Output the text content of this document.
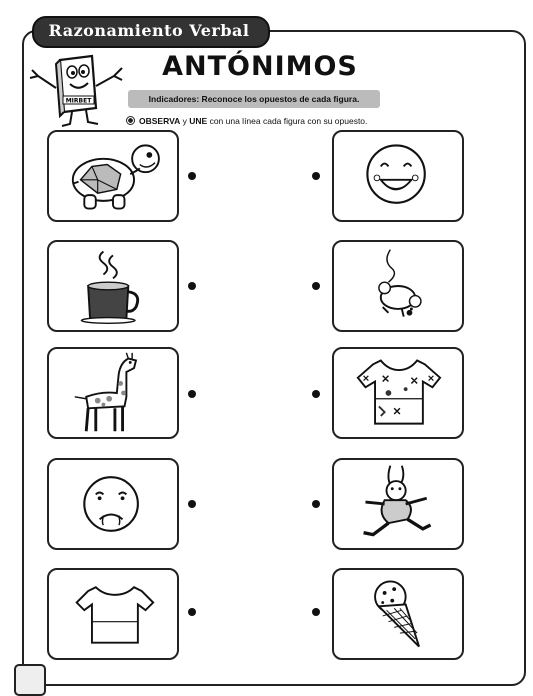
Razonamiento Verbal
MIRBET
ANTÓNIMOS
Indicadores: Reconoce los opuestos de cada figura.
OBSERVA y UNE con una línea cada figura con su opuesto.
